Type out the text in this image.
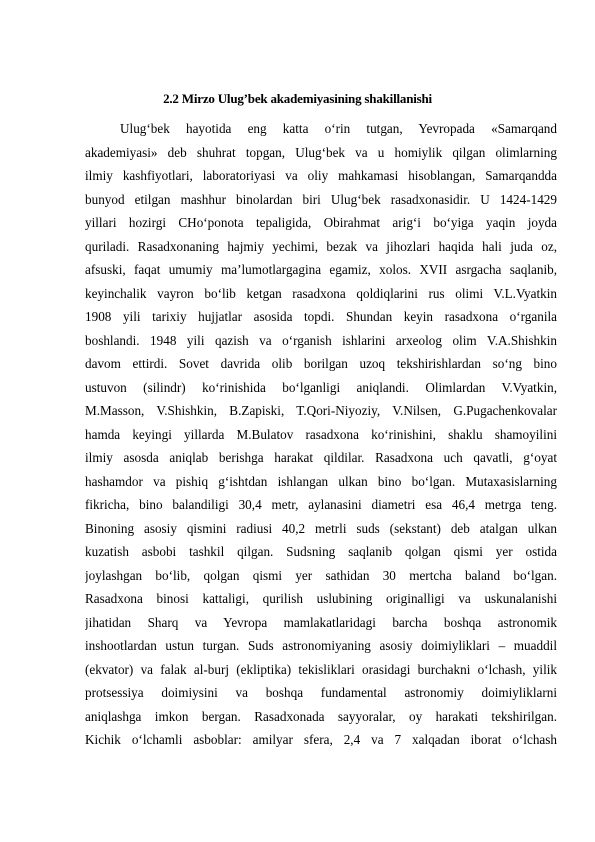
2.2 Mirzo Ulug’bek akademiyasining shakillanishi
Ulug‘bek hayotida eng katta o‘rin tutgan, Yevropada «Samarqand
akademiyasi» deb shuhrat topgan, Ulug‘bek va u homiylik qilgan olimlarning
ilmiy kashfiyotlari, laboratoriyasi va oliy mahkamasi hisoblangan, Samarqandda
bunyod etilgan mashhur binolardan biri Ulug‘bek rasadxonasidir. U 1424-1429
yillari hozirgi CHo‘ponota tepaligida, Obirahmat arig‘i bo‘yiga yaqin joyda
quriladi. Rasadxonaning hajmiy yechimi, bezak va jihozlari haqida hali juda oz,
afsuski, faqat umumiy ma’lumotlargagina egamiz, xolos. XVII asrgacha saqlanib,
keyinchalik vayron bo‘lib ketgan rasadxona qoldiqlarini rus olimi V.L.Vyatkin
1908 yili tarixiy hujjatlar asosida topdi. Shundan keyin rasadxona o‘rganila
boshlandi. 1948 yili qazish va o‘rganish ishlarini arxeolog olim V.A.Shishkin
davom ettirdi. Sovet davrida olib borilgan uzoq tekshirishlardan so‘ng bino
ustuvon (silindr) ko‘rinishida bo‘lganligi aniqlandi. Olimlardan V.Vyatkin,
M.Masson, V.Shishkin, B.Zapiski, T.Qori-Niyoziy, V.Nilsen, G.Pugachenkovalar
hamda keyingi yillarda M.Bulatov rasadxona ko‘rinishini, shaklu shamoyilini
ilmiy asosda aniqlab berishga harakat qildilar. Rasadxona uch qavatli, g‘oyat
hashamdor va pishiq g‘ishtdan ishlangan ulkan bino bo‘lgan. Mutaxasislarning
fikricha, bino balandiligi 30,4 metr, aylanasini diametri esa 46,4 metrga teng.
Binoning asosiy qismini radiusi 40,2 metrli suds (sekstant) deb atalgan ulkan
kuzatish asbobi tashkil qilgan. Sudsning saqlanib qolgan qismi yer ostida
joylashgan bo‘lib, qolgan qismi yer sathidan 30 mertcha baland bo‘lgan.
Rasadxona binosi kattaligi, qurilish uslubining originalligi va uskunalanishi
jihatidan Sharq va Yevropa mamlakatlaridagi barcha boshqa astronomik
inshootlardan ustun turgan. Suds astronomiyaning asosiy doimiyliklari – muaddil
(ekvator) va falak al-burj (ekliptika) tekisliklari orasidagi burchakni o‘lchash, yilik
protsessiya doimiysini va boshqa fundamental astronomiy doimiyliklarni
aniqlashga imkon bergan. Rasadxonada sayyoralar, oy harakati tekshirilgan.
Kichik o‘lchamli asboblar: amilyar sfera, 2,4 va 7 xalqadan iborat o‘lchash
